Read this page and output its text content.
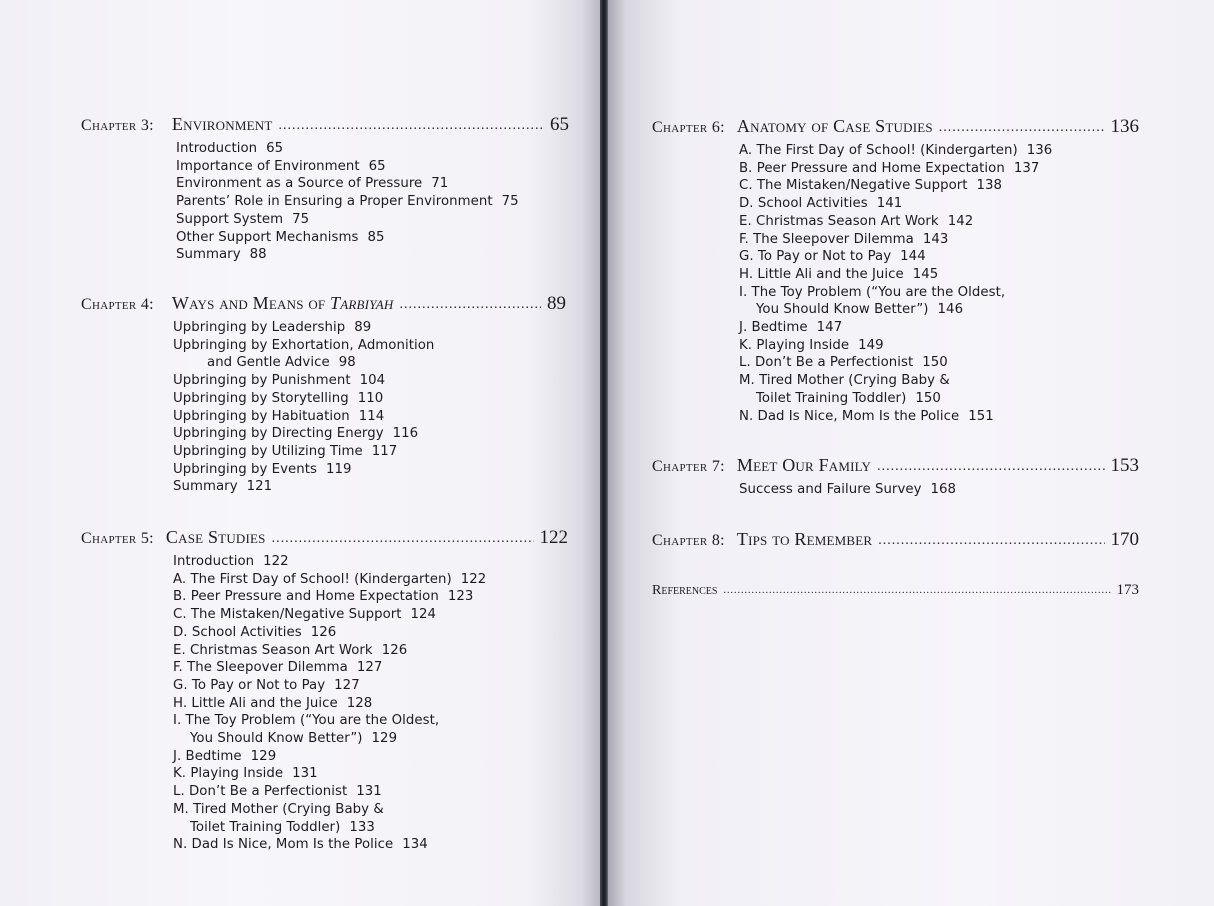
Chapter 3: Environment .....	65
Introduction 65
Importance of Environment 65
Environment as a Source of Pressure 71
Parents’ Role in Ensuring a Proper Environment 75
Support System 75
Other Support Mechanisms 85
Summary 88
Chapter 4: Ways and Means of Tarbiyah .....	89
Upbringing by Leadership 89
Upbringing by Exhortation, Admonition
and Gentle Advice 98
Upbringing by Punishment 104
Upbringing by Storytelling 110
Upbringing by Habituation 114
Upbringing by Directing Energy 116
Upbringing by Utilizing Time 117
Upbringing by Events 119
Summary 121
Chapter 5: Case Studies .....	122
Introduction 122
A. The First Day of School! (Kindergarten) 122
B. Peer Pressure and Home Expectation 123
C. The Mistaken/Negative Support 124
D. School Activities 126
E. Christmas Season Art Work 126
F. The Sleepover Dilemma 127
G. To Pay or Not to Pay 127
H. Little Ali and the Juice 128
I. The Toy Problem (“You are the Oldest,
You Should Know Better”) 129
J. Bedtime 129
K. Playing Inside 131
L. Don’t Be a Perfectionist 131
M. Tired Mother (Crying Baby &
Toilet Training Toddler) 133
N. Dad Is Nice, Mom Is the Police 134
Chapter 6: Anatomy of Case Studies .....	136
A. The First Day of School! (Kindergarten) 136
B. Peer Pressure and Home Expectation 137
C. The Mistaken/Negative Support 138
D. School Activities 141
E. Christmas Season Art Work 142
F. The Sleepover Dilemma 143
G. To Pay or Not to Pay 144
H. Little Ali and the Juice 145
I. The Toy Problem (“You are the Oldest,
You Should Know Better”) 146
J. Bedtime 147
K. Playing Inside 149
L. Don’t Be a Perfectionist 150
M. Tired Mother (Crying Baby &
Toilet Training Toddler) 150
N. Dad Is Nice, Mom Is the Police 151
Chapter 7: Meet Our Family .....	153
Success and Failure Survey 168
Chapter 8: Tips to Remember .....	170
References .....	173
